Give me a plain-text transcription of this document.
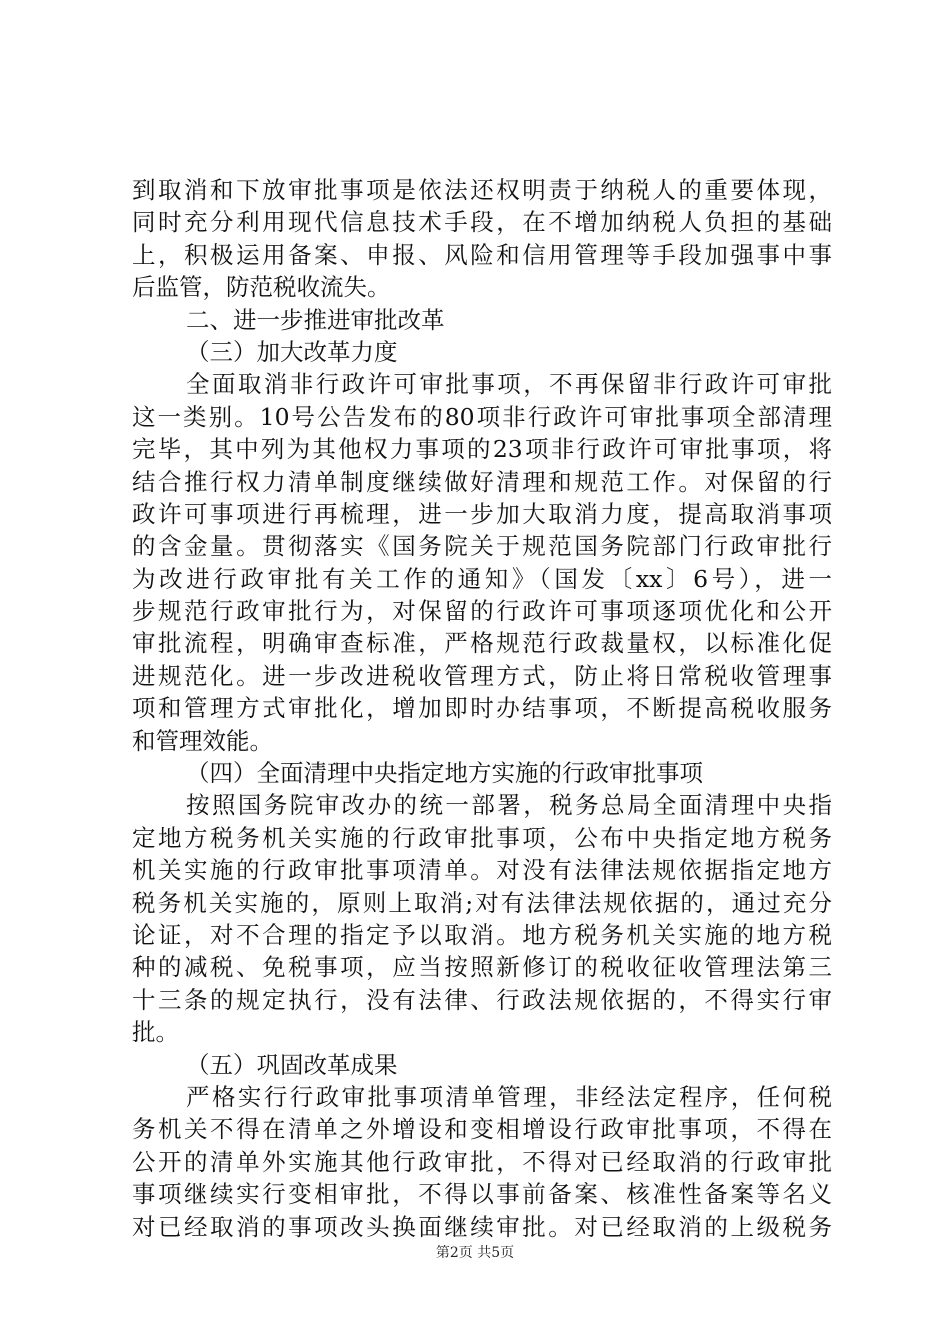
到取消和下放审批事项是依法还权明责于纳税人的重要体现，
同时充分利用现代信息技术手段，在不增加纳税人负担的基础
上，积极运用备案、申报、风险和信用管理等手段加强事中事
后监管，防范税收流失。
二、进一步推进审批改革
（三）加大改革力度
全面取消非行政许可审批事项，不再保留非行政许可审批
这一类别。10号公告发布的80项非行政许可审批事项全部清理
完毕，其中列为其他权力事项的23项非行政许可审批事项，将
结合推行权力清单制度继续做好清理和规范工作。对保留的行
政许可事项进行再梳理，进一步加大取消力度，提高取消事项
的含金量。贯彻落实《国务院关于规范国务院部门行政审批行
为改进行政审批有关工作的通知》（国发〔xx〕6号），进一
步规范行政审批行为，对保留的行政许可事项逐项优化和公开
审批流程，明确审查标准，严格规范行政裁量权，以标准化促
进规范化。进一步改进税收管理方式，防止将日常税收管理事
项和管理方式审批化，增加即时办结事项，不断提高税收服务
和管理效能。
（四）全面清理中央指定地方实施的行政审批事项
按照国务院审改办的统一部署，税务总局全面清理中央指
定地方税务机关实施的行政审批事项，公布中央指定地方税务
机关实施的行政审批事项清单。对没有法律法规依据指定地方
税务机关实施的，原则上取消;对有法律法规依据的，通过充分
论证，对不合理的指定予以取消。地方税务机关实施的地方税
种的减税、免税事项，应当按照新修订的税收征收管理法第三
十三条的规定执行，没有法律、行政法规依据的，不得实行审
批。
（五）巩固改革成果
严格实行行政审批事项清单管理，非经法定程序，任何税
务机关不得在清单之外增设和变相增设行政审批事项，不得在
公开的清单外实施其他行政审批，不得对已经取消的行政审批
事项继续实行变相审批，不得以事前备案、核准性备案等名义
对已经取消的事项改头换面继续审批。对已经取消的上级税务
第2页 共5页
